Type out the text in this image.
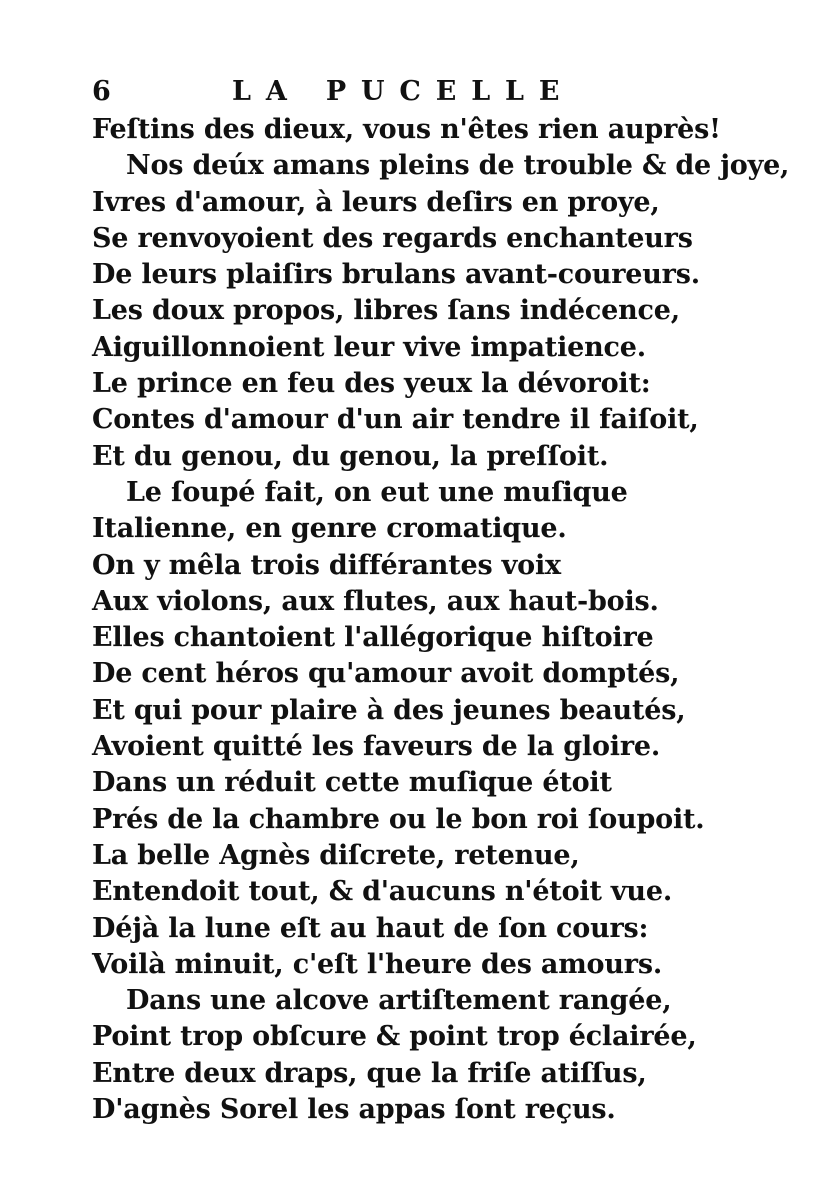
6	LA PUCELLE
Feſtins des dieux, vous n'êtes rien auprès!
Nos deúx amans pleins de trouble & de joye,
Ivres d'amour, à leurs deſirs en proye,
Se renvoyoient des regards enchanteurs
De leurs plaiſirs brulans avant-coureurs.
Les doux propos, libres ſans indécence,
Aiguillonnoient leur vive impatience.
Le prince en feu des yeux la dévoroit:
Contes d'amour d'un air tendre il faiſoit,
Et du genou, du genou, la preſſoit.
Le ſoupé fait, on eut une muſique
Italienne, en genre cromatique.
On y mêla trois différantes voix
Aux violons, aux flutes, aux haut-bois.
Elles chantoient l'allégorique hiſtoire
De cent héros qu'amour avoit domptés,
Et qui pour plaire à des jeunes beautés,
Avoient quitté les faveurs de la gloire.
Dans un réduit cette muſique étoit
Prés de la chambre ou le bon roi ſoupoit.
La belle Agnès diſcrete, retenue,
Entendoit tout, & d'aucuns n'étoit vue.
Déjà la lune eſt au haut de ſon cours:
Voilà minuit, c'eſt l'heure des amours.
Dans une alcove artiſtement rangée,
Point trop obſcure & point trop éclairée,
Entre deux draps, que la friſe atiſſus,
D'agnès Sorel les appas ſont reçus.
